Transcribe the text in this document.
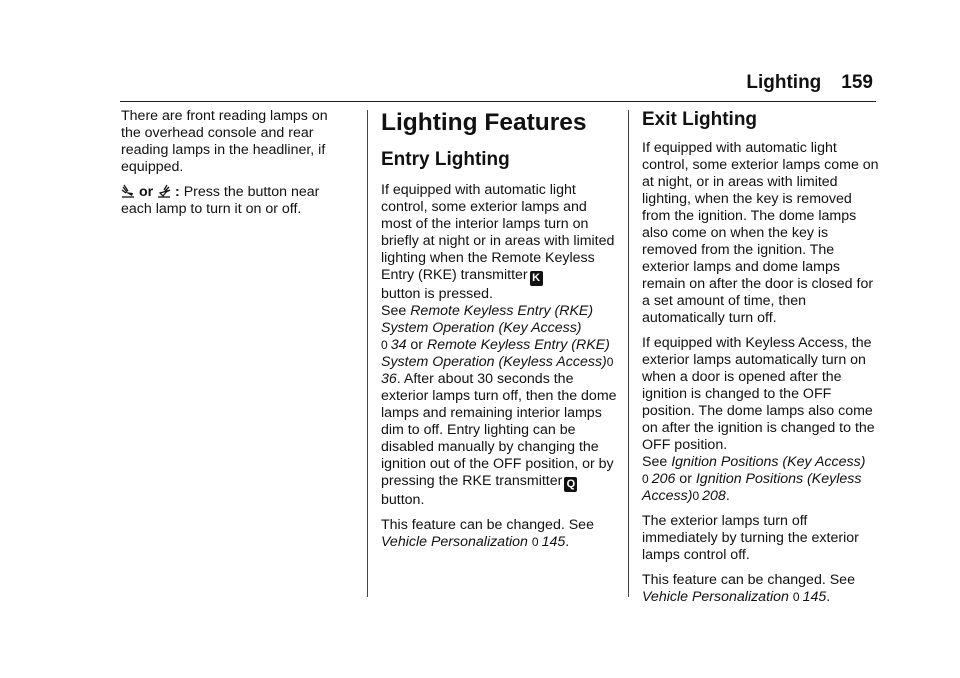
Lighting 159

There are front reading lamps on the overhead console and rear reading lamps in the headliner, if equipped.

or  : Press the button near each lamp to turn it on or off.

Lighting Features
Entry Lighting

If equipped with automatic light control, some exterior lamps and most of the interior lamps turn on briefly at night or in areas with limited lighting when the Remote Keyless Entry (RKE) transmitter K
button is pressed.
See Remote Keyless Entry (RKE) System Operation (Key Access)
0 34 or Remote Keyless Entry (RKE) System Operation (Keyless Access)036. After about 30 seconds the exterior lamps turn off, then the dome lamps and remaining interior lamps dim to off. Entry lighting can be disabled manually by changing the ignition out of the OFF position, or by pressing the RKE transmitter Q
button.

This feature can be changed. See
Vehicle Personalization 0 145.

Exit Lighting

If equipped with automatic light control, some exterior lamps come on at night, or in areas with limited lighting, when the key is removed from the ignition. The dome lamps also come on when the key is removed from the ignition. The exterior lamps and dome lamps remain on after the door is closed for a set amount of time, then automatically turn off.

If equipped with Keyless Access, the exterior lamps automatically turn on when a door is opened after the ignition is changed to the OFF position. The dome lamps also come on after the ignition is changed to the OFF position.
See Ignition Positions (Key Access)
0 206 or Ignition Positions (Keyless Access)0 208.

The exterior lamps turn off immediately by turning the exterior lamps control off.

This feature can be changed. See
Vehicle Personalization 0 145.
